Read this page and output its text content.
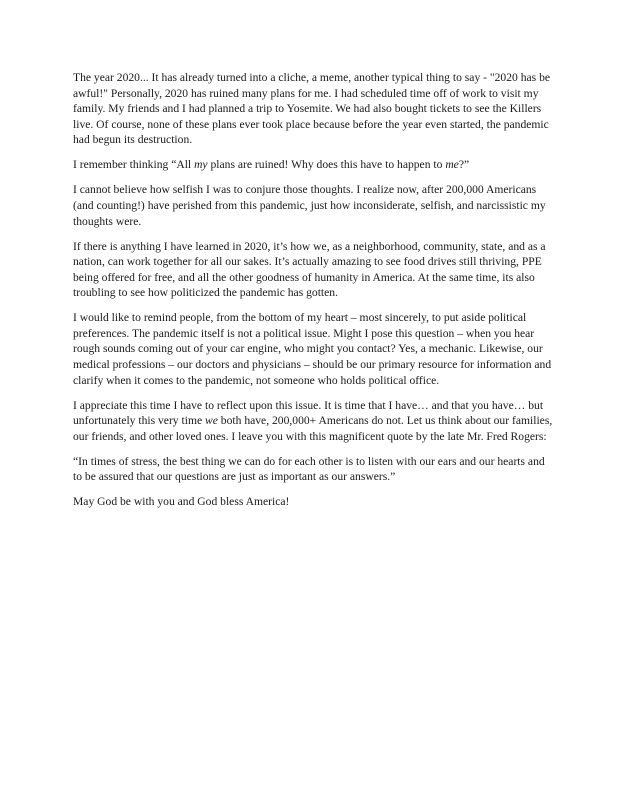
The year 2020... It has already turned into a cliche, a meme, another typical thing to say - "2020 has be awful!" Personally, 2020 has ruined many plans for me. I had scheduled time off of work to visit my family. My friends and I had planned a trip to Yosemite. We had also bought tickets to see the Killers live. Of course, none of these plans ever took place because before the year even started, the pandemic had begun its destruction.

I remember thinking “All my plans are ruined! Why does this have to happen to me?”

I cannot believe how selfish I was to conjure those thoughts. I realize now, after 200,000 Americans (and counting!) have perished from this pandemic, just how inconsiderate, selfish, and narcissistic my thoughts were.

If there is anything I have learned in 2020, it’s how we, as a neighborhood, community, state, and as a nation, can work together for all our sakes. It’s actually amazing to see food drives still thriving, PPE being offered for free, and all the other goodness of humanity in America. At the same time, its also troubling to see how politicized the pandemic has gotten.

I would like to remind people, from the bottom of my heart – most sincerely, to put aside political preferences. The pandemic itself is not a political issue. Might I pose this question – when you hear rough sounds coming out of your car engine, who might you contact? Yes, a mechanic. Likewise, our medical professions – our doctors and physicians – should be our primary resource for information and clarify when it comes to the pandemic, not someone who holds political office.

I appreciate this time I have to reflect upon this issue. It is time that I have… and that you have… but unfortunately this very time we both have, 200,000+ Americans do not. Let us think about our families, our friends, and other loved ones. I leave you with this magnificent quote by the late Mr. Fred Rogers:

“In times of stress, the best thing we can do for each other is to listen with our ears and our hearts and to be assured that our questions are just as important as our answers.”

May God be with you and God bless America!
